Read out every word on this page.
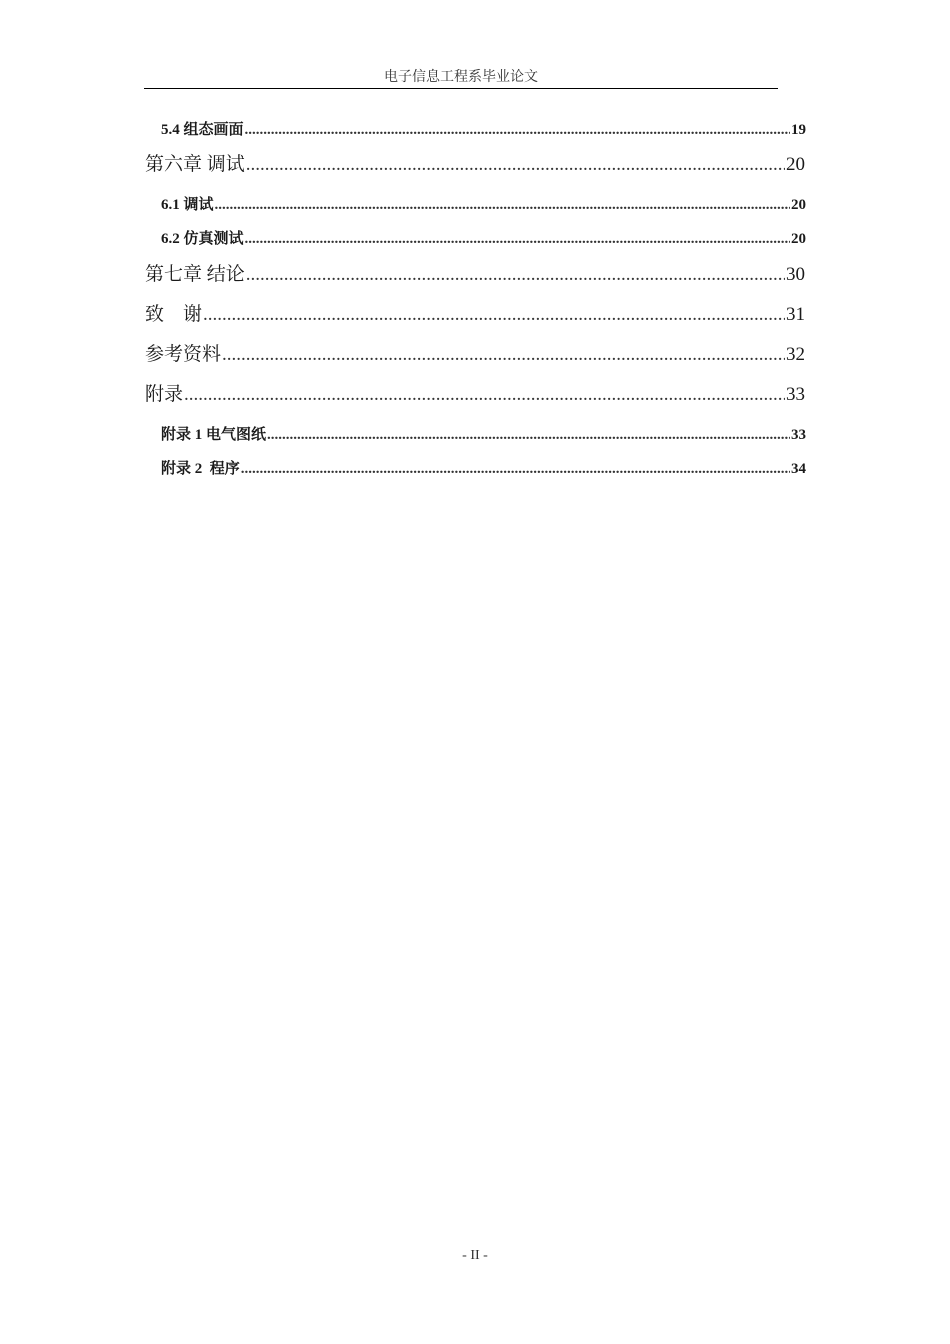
电子信息工程系毕业论文
5.4 组态画面 .....	19
第六章 调试 .....	20
6.1 调试 .....	20
6.2 仿真测试 .....	20
第七章 结论 .....	30
致    谢 .....	31
参考资料 .....	32
附录 .....	33
附录 1 电气图纸 .....	33
附录 2  程序 .....	34
- II -
